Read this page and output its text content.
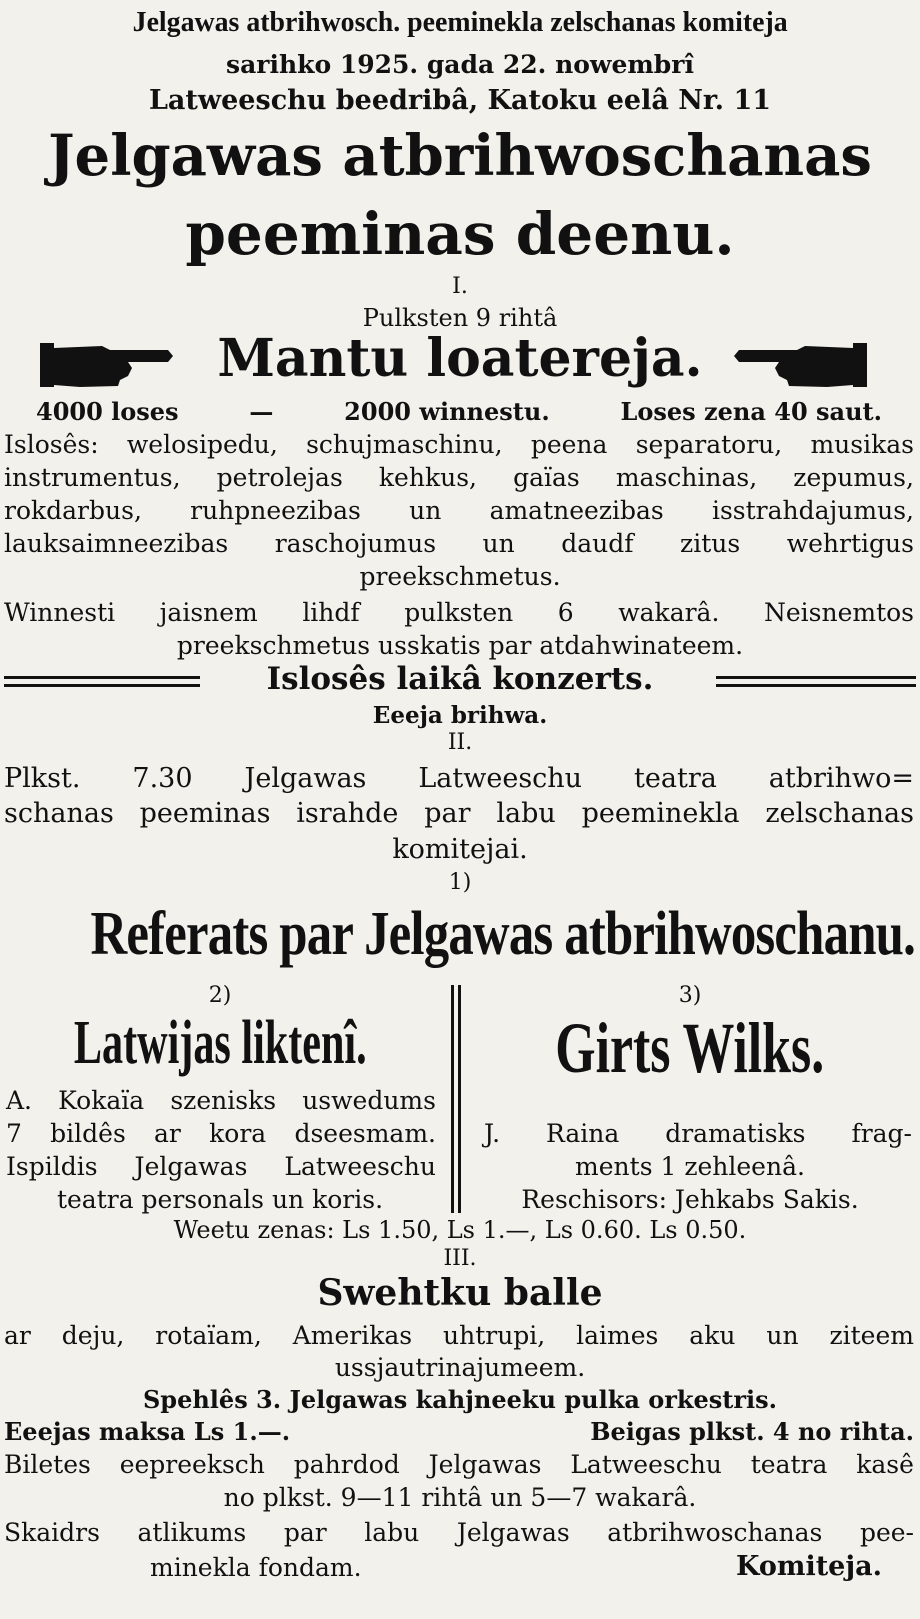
Jelgawas atbrihwosch. peeminekla zelschanas komiteja
sarihko 1925. gada 22. nowembrî
Latweeschu beedribâ, Katoku eelâ Nr. 11
Jelgawas atbrihwoschanas
peeminas deenu.
I.
Pulksten 9 rihtâ
Mantu loatereja.
4000 loses	—	2000 winnestu.	Loses zena 40 saut.
Islosês: welosipedu, schujmaschinu, peena separatoru, musikas
instrumentus, petrolejas kehkus, gaïas maschinas, zepumus,
rokdarbus, ruhpneezibas un amatneezibas isstrahdajumus,
lauksaimneezibas raschojumus un daudf zitus wehrtigus
preekschmetus.
Winnesti jaisnem lihdf pulksten 6 wakarâ. Neisnemtos
preekschmetus usskatis par atdahwinateem.
Islosês laikâ konzerts.
Eeeja brihwa.
II.
Plkst. 7.30 Jelgawas Latweeschu teatra atbrihwo=
schanas peeminas israhde par labu peeminekla zelschanas
komitejai.
1)
Referats par Jelgawas atbrihwoschanu.
2)
Latwijas liktenî.
A. Kokaïa szenisks uswedums
7 bildês ar kora dseesmam.
Ispildis Jelgawas Latweeschu
teatra personals un koris.
3)
Girts Wilks.
J. Raina dramatisks frag-
ments 1 zehleenâ.
Reschisors: Jehkabs Sakis.
Weetu zenas: Ls 1.50, Ls 1.—, Ls 0.60. Ls 0.50.
III.
Swehtku balle
ar deju, rotaïam, Amerikas uhtrupi, laimes aku un ziteem
ussjautrinajumeem.
Spehlês 3. Jelgawas kahjneeku pulka orkestris.
Eeejas maksa Ls 1.—.	Beigas plkst. 4 no rihta.
Biletes eepreeksch pahrdod Jelgawas Latweeschu teatra kasê
no plkst. 9—11 rihtâ un 5—7 wakarâ.
Skaidrs atlikums par labu Jelgawas atbrihwoschanas pee-
minekla fondam.	Komiteja.
